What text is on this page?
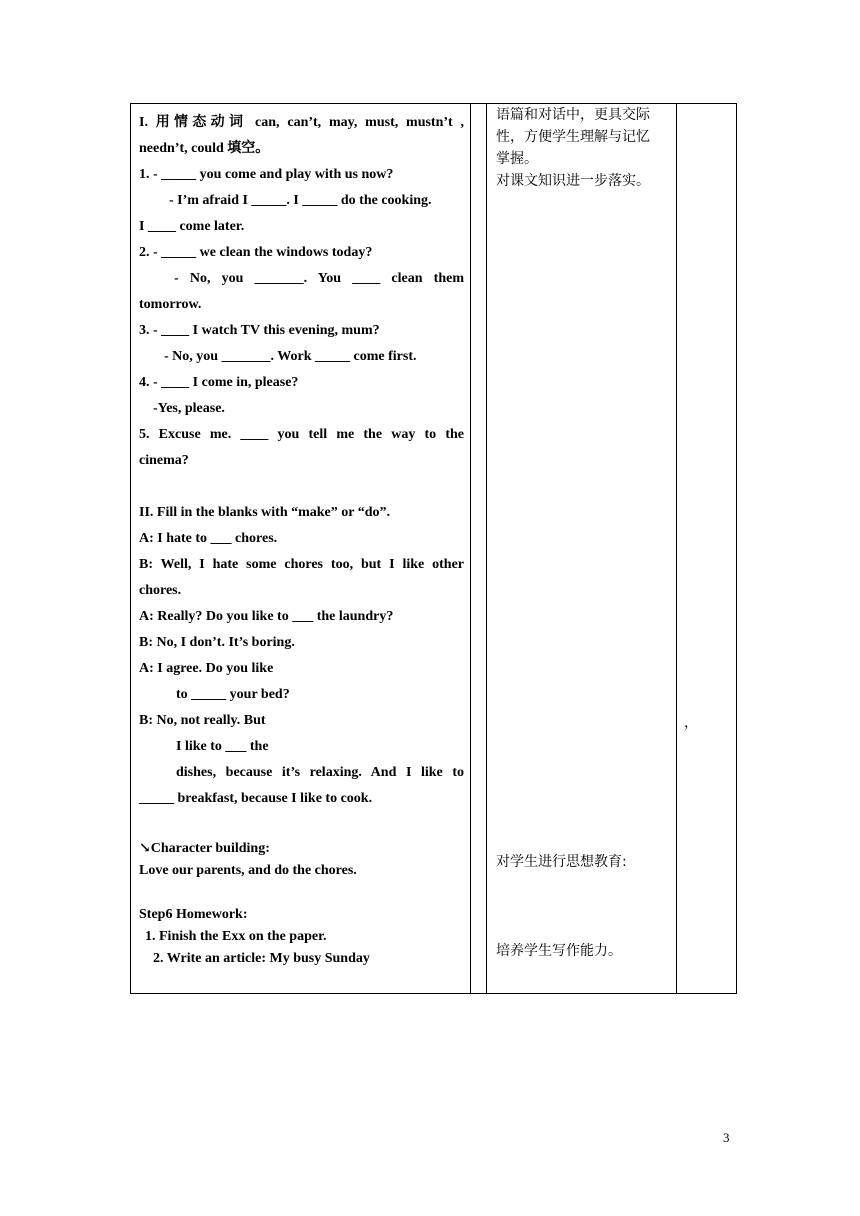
I. 用情态动词 can, can’t, may, must, mustn’t ,

needn’t, could 填空。

1. - _____ you come and play with us now?

- I’m afraid I _____. I _____ do the cooking.

I ____ come later.

2. - _____ we clean the windows today?

- No, you _______. You ____ clean them

tomorrow.

3. - ____ I watch TV this evening, mum?

- No, you _______. Work _____ come first.

4. - ____ I come in, please?

-Yes, please.

5. Excuse me. ____ you tell me the way to the

cinema?

II. Fill in the blanks with “make” or “do”.

A: I hate to ___ chores.

B: Well, I hate some chores too, but I like other

chores.

A: Really? Do you like to ___ the laundry?

B: No, I don’t. It’s boring.

A: I agree. Do you like

to _____ your bed?

B: No, not really. But

I like to ___ the

dishes, because it’s relaxing. And I like to

_____ breakfast, because I like to cook.

↘Character building:

Love our parents, and do the chores.

Step6 Homework:

1. Finish the Exx on the paper.

2. Write an article: My busy Sunday

语篇和对话中，更具交际

性，方便学生理解与记忆

掌握。

对课文知识进一步落实。

对学生进行思想教育:

培养学生写作能力。

，
3
